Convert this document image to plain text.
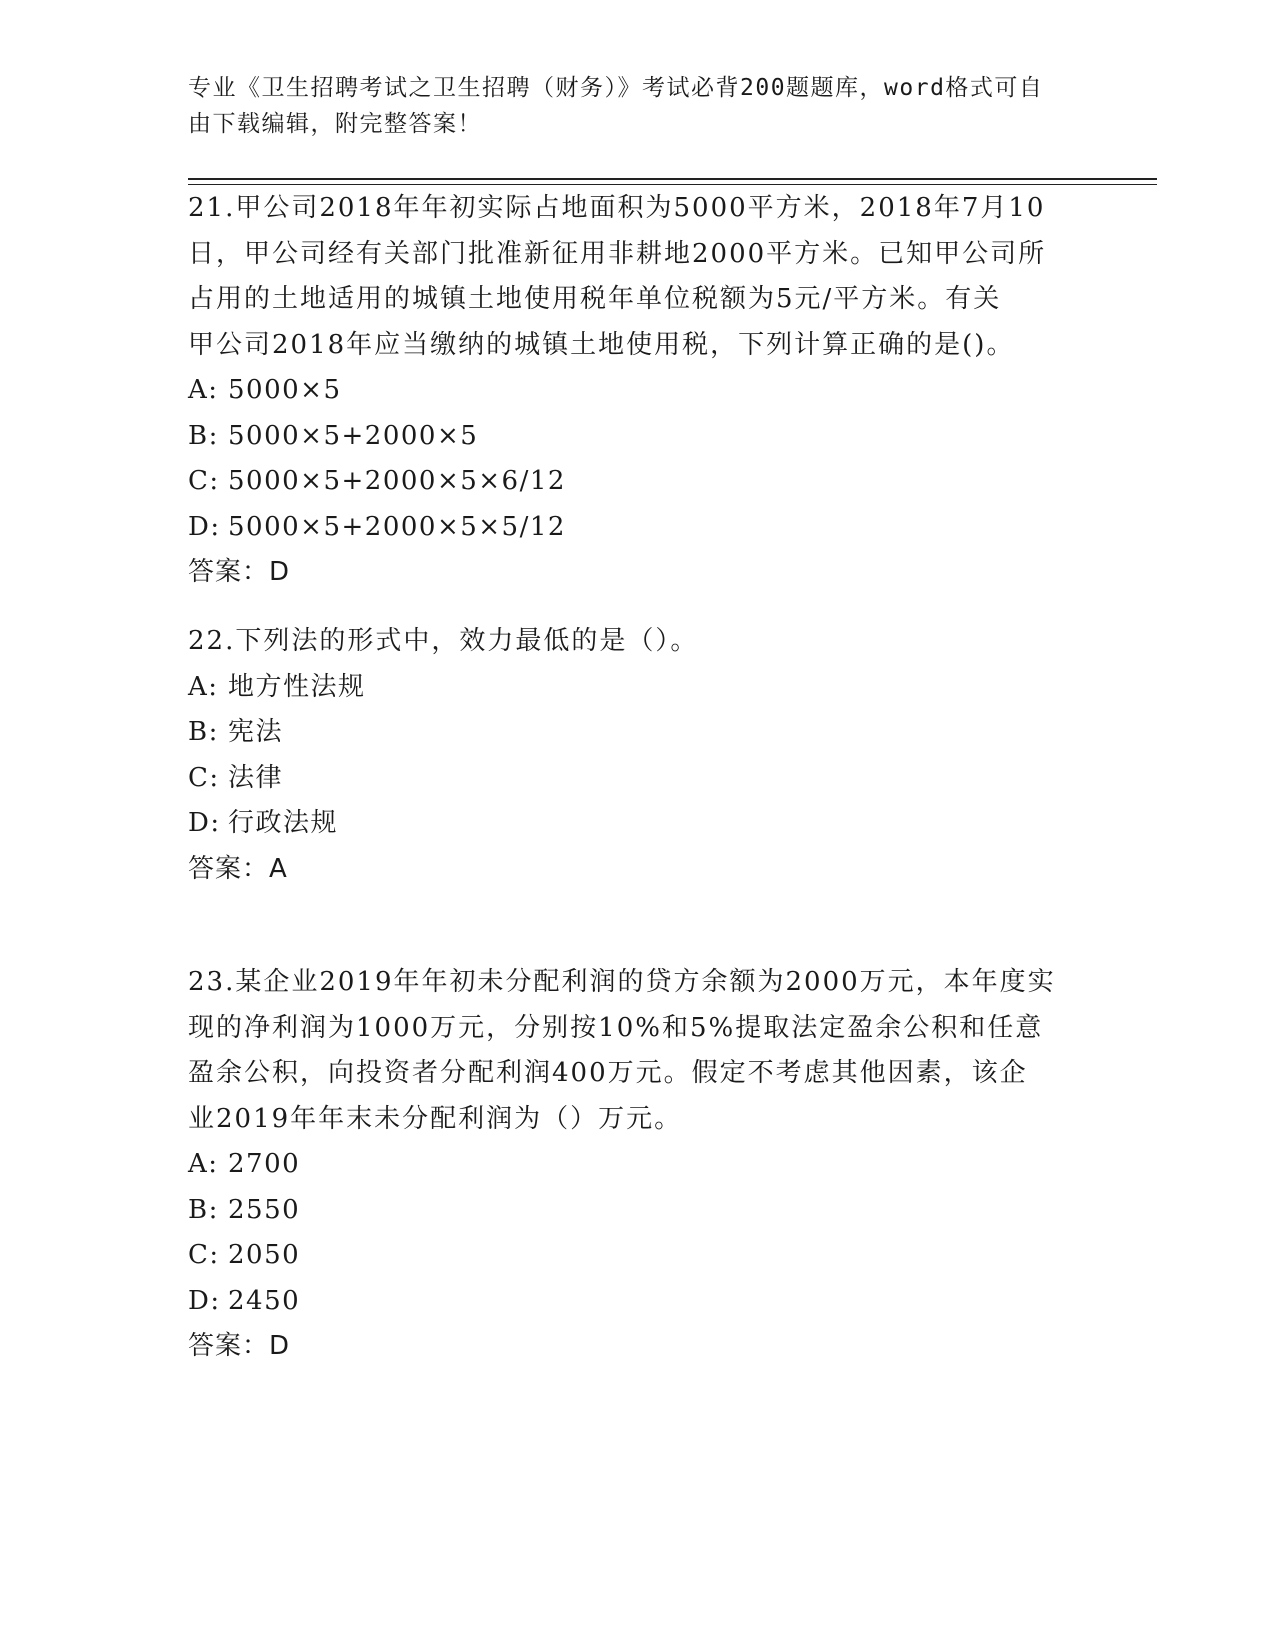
专业《卫生招聘考试之卫生招聘（财务）》考试必背200题题库，word格式可自
由下载编辑，附完整答案！

21.甲公司2018年年初实际占地面积为5000平方米，2018年7月10

日，甲公司经有关部门批准新征用非耕地2000平方米。已知甲公司所

占用的土地适用的城镇土地使用税年单位税额为5元/平方米。有关

甲公司2018年应当缴纳的城镇土地使用税，下列计算正确的是()。

A: 5000×5

B: 5000×5+2000×5

C: 5000×5+2000×5×6/12

D: 5000×5+2000×5×5/12

答案：D

22.下列法的形式中，效力最低的是（）。

A: 地方性法规

B: 宪法

C: 法律

D: 行政法规

答案：A

23.某企业2019年年初未分配利润的贷方余额为2000万元，本年度实

现的净利润为1000万元，分别按10%和5%提取法定盈余公积和任意

盈余公积，向投资者分配利润400万元。假定不考虑其他因素，该企

业2019年年末未分配利润为（）万元。

A: 2700

B: 2550

C: 2050

D: 2450

答案：D
